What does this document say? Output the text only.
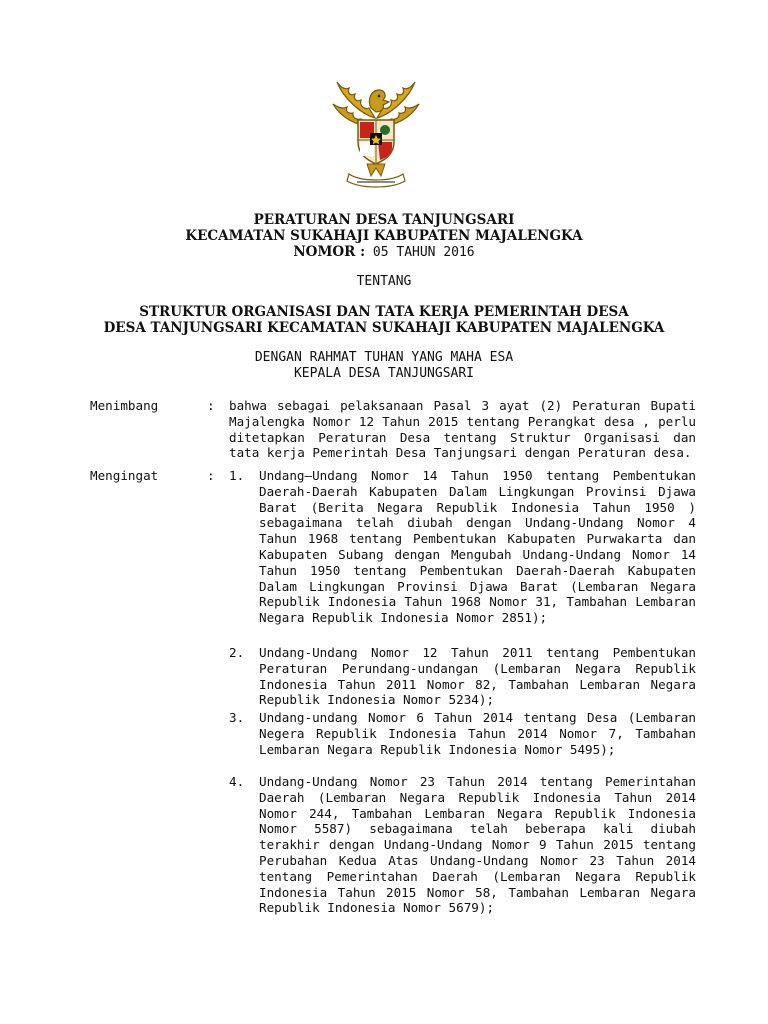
PERATURAN DESA TANJUNGSARI
KECAMATAN SUKAHAJI KABUPATEN MAJALENGKA
NOMOR : 05 TAHUN 2016
TENTANG
STRUKTUR ORGANISASI DAN TATA KERJA PEMERINTAH DESA
DESA TANJUNGSARI KECAMATAN SUKAHAJI KABUPATEN MAJALENGKA
DENGAN RAHMAT TUHAN YANG MAHA ESA
KEPALA DESA TANJUNGSARI
Menimbang	: bahwa sebagai pelaksanaan Pasal 3 ayat (2) Peraturan Bupati Majalengka Nomor 12 Tahun 2015 tentang Perangkat desa , perlu ditetapkan Peraturan Desa tentang Struktur Organisasi dan tata kerja Pemerintah Desa Tanjungsari dengan Peraturan desa.

Mengingat	: 1. Undang–Undang Nomor 14 Tahun 1950 tentang Pembentukan Daerah-Daerah Kabupaten Dalam Lingkungan Provinsi Djawa Barat (Berita Negara Republik Indonesia Tahun 1950 ) sebagaimana telah diubah dengan Undang-Undang Nomor 4 Tahun 1968 tentang Pembentukan Kabupaten Purwakarta dan Kabupaten Subang dengan Mengubah Undang-Undang Nomor 14 Tahun 1950 tentang Pembentukan Daerah-Daerah Kabupaten Dalam Lingkungan Provinsi Djawa Barat (Lembaran Negara Republik Indonesia Tahun 1968 Nomor 31, Tambahan Lembaran Negara Republik Indonesia Nomor 2851);

2. Undang-Undang Nomor 12 Tahun 2011 tentang Pembentukan Peraturan Perundang-undangan (Lembaran Negara Republik Indonesia Tahun 2011 Nomor 82, Tambahan Lembaran Negara Republik Indonesia Nomor 5234);

3. Undang-undang Nomor 6 Tahun 2014 tentang Desa (Lembaran Negera Republik Indonesia Tahun 2014 Nomor 7, Tambahan Lembaran Negara Republik Indonesia Nomor 5495);

4. Undang-Undang Nomor 23 Tahun 2014 tentang Pemerintahan Daerah (Lembaran Negara Republik Indonesia Tahun 2014 Nomor 244, Tambahan Lembaran Negara Republik Indonesia Nomor 5587) sebagaimana telah beberapa kali diubah terakhir dengan Undang-Undang Nomor 9 Tahun 2015 tentang Perubahan Kedua Atas Undang-Undang Nomor 23 Tahun 2014 tentang Pemerintahan Daerah (Lembaran Negara Republik Indonesia Tahun 2015 Nomor 58, Tambahan Lembaran Negara Republik Indonesia Nomor 5679);
